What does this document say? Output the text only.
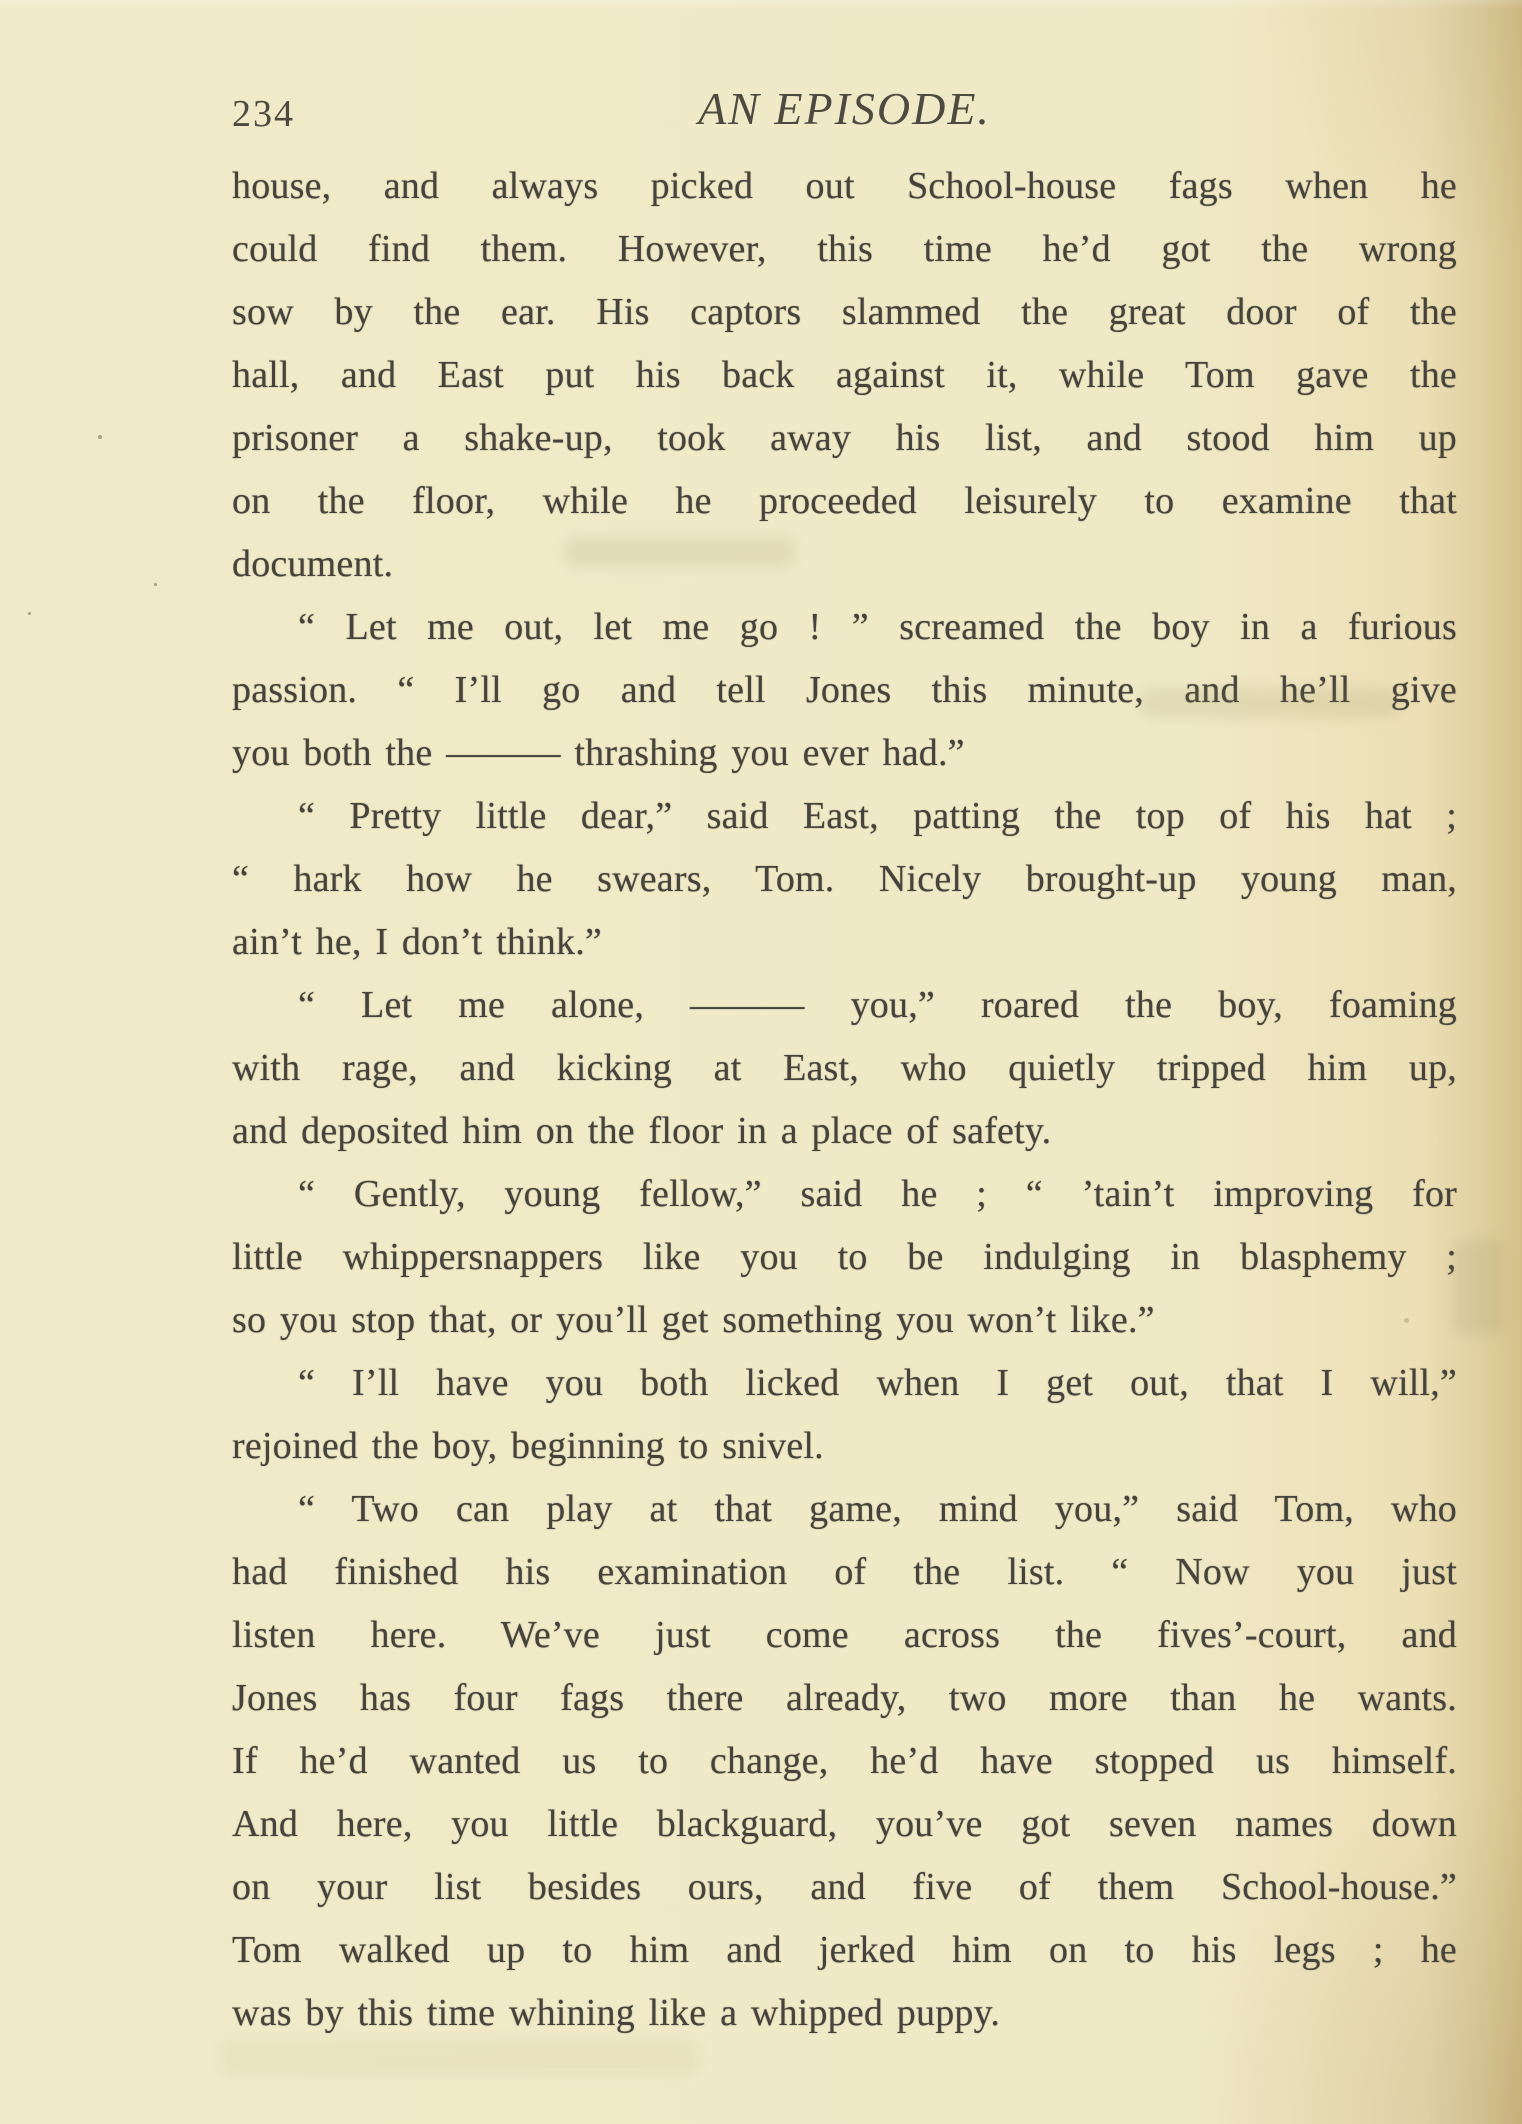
234	AN EPISODE.
house, and always picked out School-house fags when he
could find them. However, this time he’d got the wrong
sow by the ear. His captors slammed the great door of the
hall, and East put his back against it, while Tom gave the
prisoner a shake-up, took away his list, and stood him up
on the floor, while he proceeded leisurely to examine that
document.
“ Let me out, let me go ! ” screamed the boy in a furious
passion. “ I’ll go and tell Jones this minute, and he’ll give
you both the ——— thrashing you ever had.”
“ Pretty little dear,” said East, patting the top of his hat ;
“ hark how he swears, Tom. Nicely brought-up young man,
ain’t he, I don’t think.”
“ Let me alone, ——— you,” roared the boy, foaming
with rage, and kicking at East, who quietly tripped him up,
and deposited him on the floor in a place of safety.
“ Gently, young fellow,” said he ; “ ’tain’t improving for
little whippersnappers like you to be indulging in blasphemy ;
so you stop that, or you’ll get something you won’t like.”
“ I’ll have you both licked when I get out, that I will,”
rejoined the boy, beginning to snivel.
“ Two can play at that game, mind you,” said Tom, who
had finished his examination of the list. “ Now you just
listen here. We’ve just come across the fives’-court, and
Jones has four fags there already, two more than he wants.
If he’d wanted us to change, he’d have stopped us himself.
And here, you little blackguard, you’ve got seven names down
on your list besides ours, and five of them School-house.”
Tom walked up to him and jerked him on to his legs ; he
was by this time whining like a whipped puppy.
